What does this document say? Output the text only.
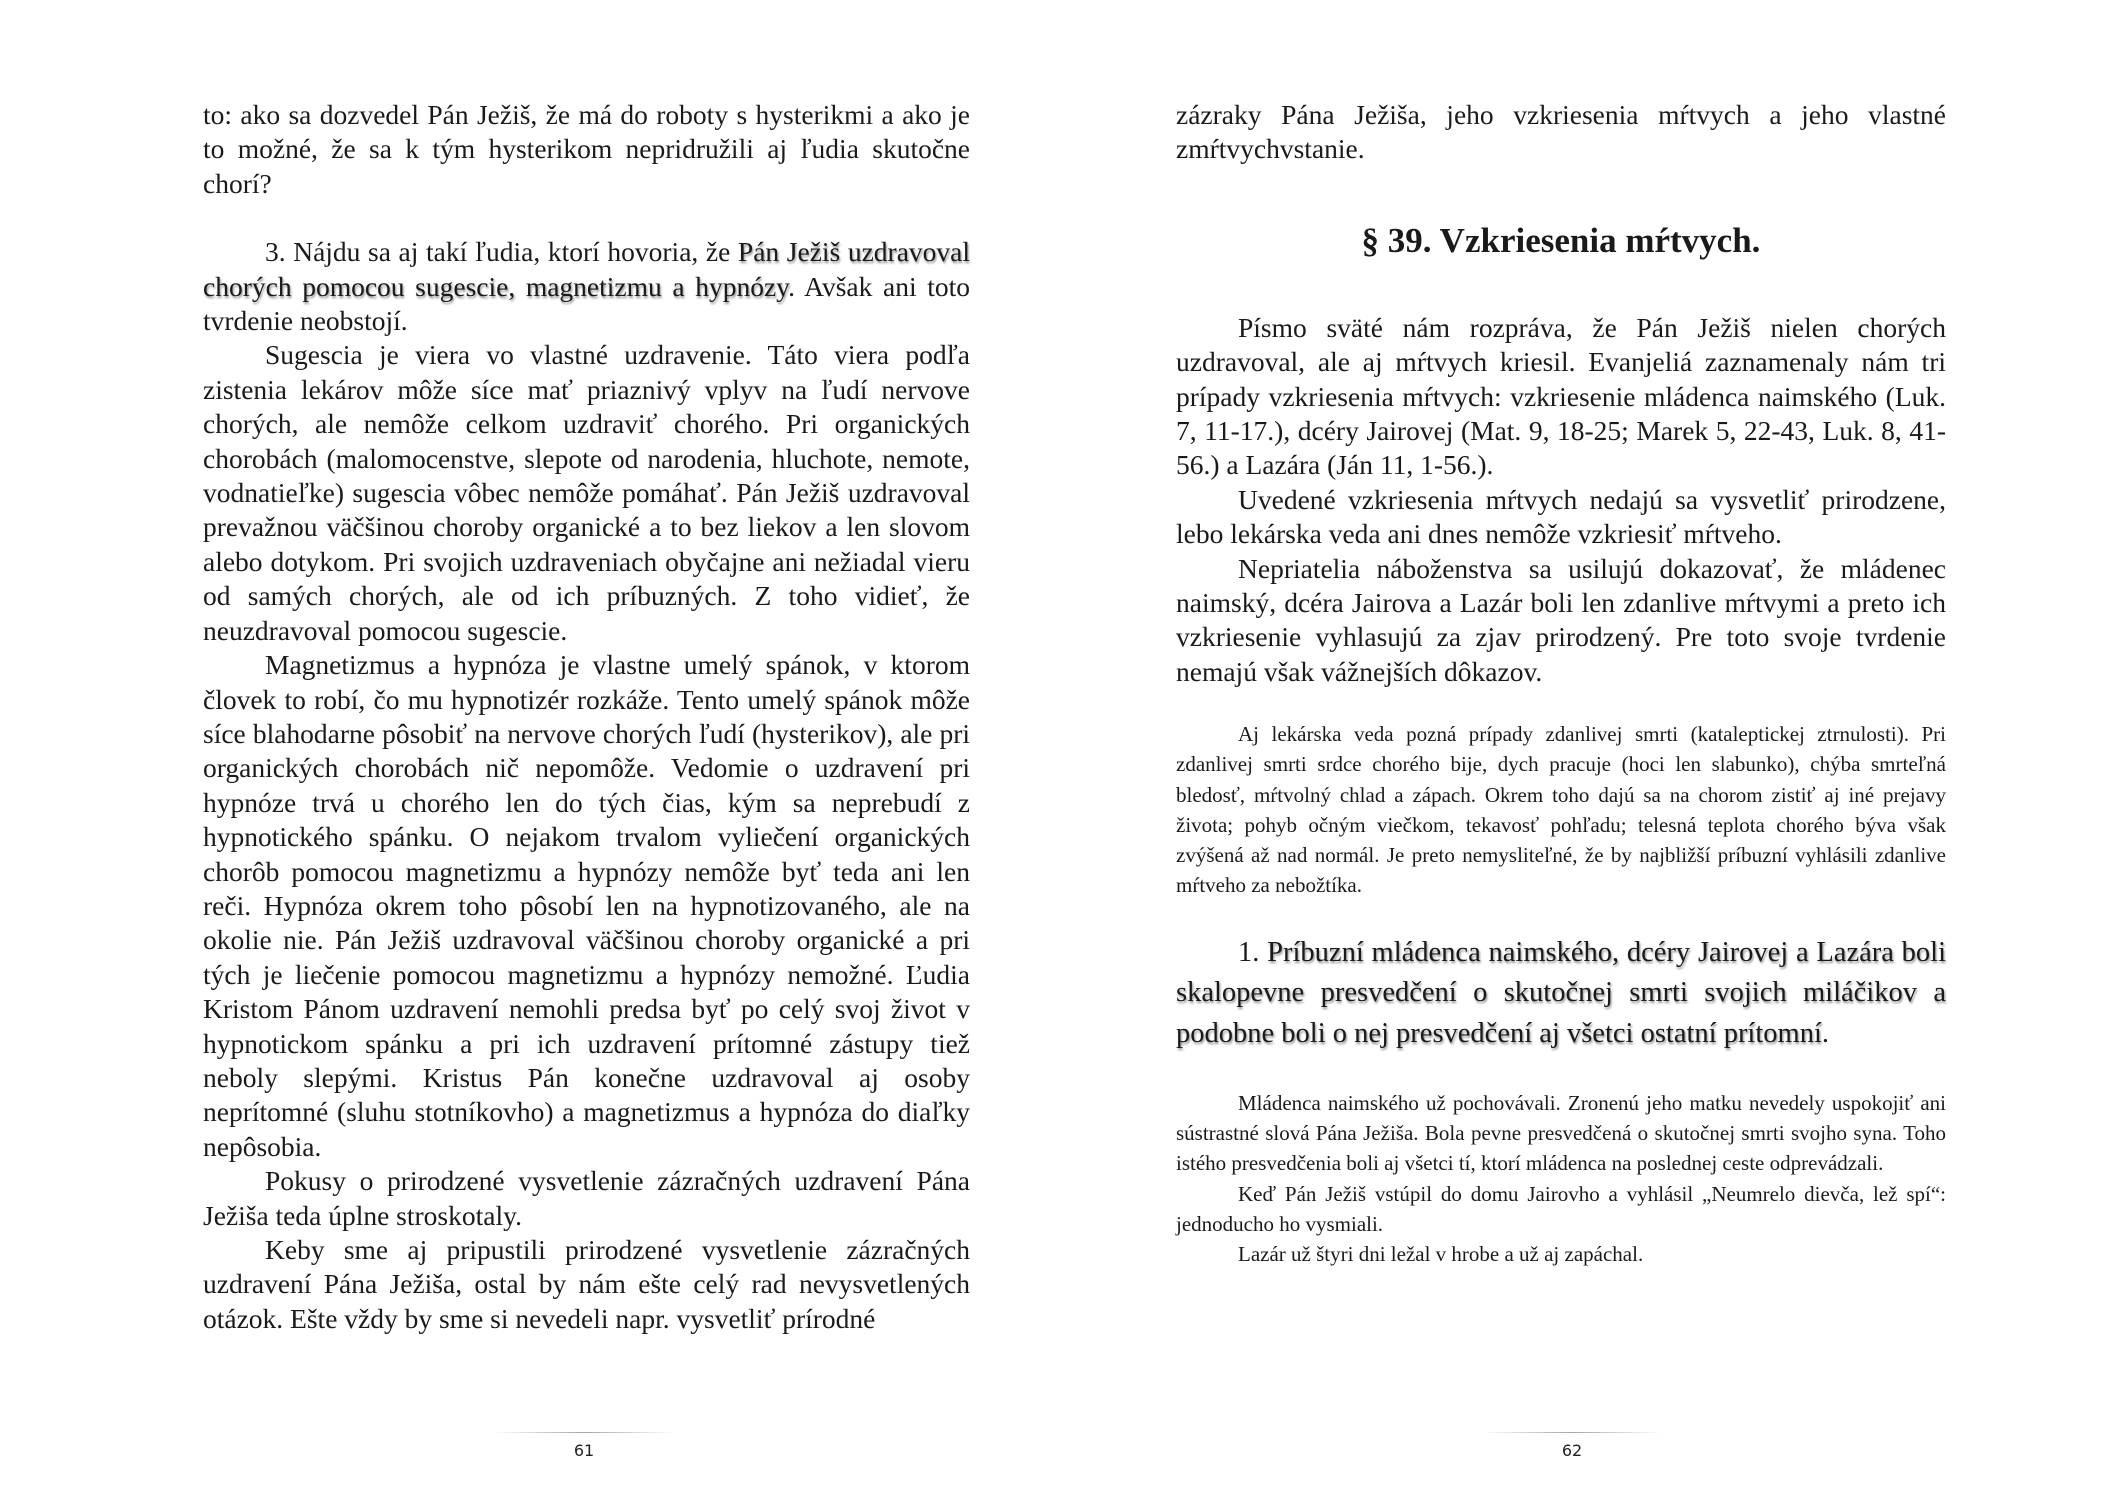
to: ako sa dozvedel Pán Ježiš, že má do roboty s hysterikmi a ako je to možné, že sa k tým hysterikom nepridružili aj ľudia skutočne chorí?

3. Nájdu sa aj takí ľudia, ktorí hovoria, že Pán Ježiš uzdravoval chorých pomocou sugescie, magnetizmu a hypnózy. Avšak ani toto tvrdenie neobstojí.

Sugescia je viera vo vlastné uzdravenie. Táto viera podľa zistenia lekárov môže síce mať priaznivý vplyv na ľudí nervove chorých, ale nemôže celkom uzdraviť chorého. Pri organických chorobách (malomocenstve, slepote od narodenia, hluchote, nemote, vodnatieľke) sugescia vôbec nemôže pomáhať. Pán Ježiš uzdravoval prevažnou väčšinou choroby organické a to bez liekov a len slovom alebo dotykom. Pri svojich uzdraveniach obyčajne ani nežiadal vieru od samých chorých, ale od ich príbuzných. Z toho vidieť, že neuzdravoval pomocou sugescie.

Magnetizmus a hypnóza je vlastne umelý spánok, v ktorom človek to robí, čo mu hypnotizér rozkáže. Tento umelý spánok môže síce blahodarne pôsobiť na nervove chorých ľudí (hysterikov), ale pri organických chorobách nič nepomôže. Vedomie o uzdravení pri hypnóze trvá u chorého len do tých čias, kým sa neprebudí z hypnotického spánku. O nejakom trvalom vyliečení organických chorôb pomocou magnetizmu a hypnózy nemôže byť teda ani len reči. Hypnóza okrem toho pôsobí len na hypnotizovaného, ale na okolie nie. Pán Ježiš uzdravoval väčšinou choroby organické a pri tých je liečenie pomocou magnetizmu a hypnózy nemožné. Ľudia Kristom Pánom uzdravení nemohli predsa byť po celý svoj život v hypnotickom spánku a pri ich uzdravení prítomné zástupy tiež neboly slepými. Kristus Pán konečne uzdravoval aj osoby neprítomné (sluhu stotníkovho) a magnetizmus a hypnóza do diaľky nepôsobia.

Pokusy o prirodzené vysvetlenie zázračných uzdravení Pána Ježiša teda úplne stroskotaly.

Keby sme aj pripustili prirodzené vysvetlenie zázračných uzdravení Pána Ježiša, ostal by nám ešte celý rad nevysvetlených otázok. Ešte vždy by sme si nevedeli napr. vysvetliť prírodné

61

zázraky Pána Ježiša, jeho vzkriesenia mŕtvych a jeho vlastné zmŕtvychvstanie.

§ 39. Vzkriesenia mŕtvych.

Písmo sväté nám rozpráva, že Pán Ježiš nielen chorých uzdravoval, ale aj mŕtvych kriesil. Evanjeliá zaznamenaly nám tri prípady vzkriesenia mŕtvych: vzkriesenie mládenca naimského (Luk. 7, 11-17.), dcéry Jairovej (Mat. 9, 18-25; Marek 5, 22-43, Luk. 8, 41-56.) a Lazára (Ján 11, 1-56.).

Uvedené vzkriesenia mŕtvych nedajú sa vysvetliť prirodzene, lebo lekárska veda ani dnes nemôže vzkriesiť mŕtveho.

Nepriatelia náboženstva sa usilujú dokazovať, že mládenec naimský, dcéra Jairova a Lazár boli len zdanlive mŕtvymi a preto ich vzkriesenie vyhlasujú za zjav prirodzený. Pre toto svoje tvrdenie nemajú však vážnejších dôkazov.

Aj lekárska veda pozná prípady zdanlivej smrti (kataleptickej ztrnulosti). Pri zdanlivej smrti srdce chorého bije, dych pracuje (hoci len slabunko), chýba smrteľná bledosť, mŕtvolný chlad a zápach. Okrem toho dajú sa na chorom zistiť aj iné prejavy života; pohyb očným viečkom, tekavosť pohľadu; telesná teplota chorého býva však zvýšená až nad normál. Je preto nemysliteľné, že by najbližší príbuzní vyhlásili zdanlive mŕtveho za nebožtíka.

1. Príbuzní mládenca naimského, dcéry Jairovej a Lazára boli skalopevne presvedčení o skutočnej smrti svojich miláčikov a podobne boli o nej presvedčení aj všetci ostatní prítomní.

Mládenca naimského už pochovávali. Zronenú jeho matku nevedely uspokojiť ani sústrastné slová Pána Ježiša. Bola pevne presvedčená o skutočnej smrti svojho syna. Toho istého presvedčenia boli aj všetci tí, ktorí mládenca na poslednej ceste odprevádzali.

Keď Pán Ježiš vstúpil do domu Jairovho a vyhlásil „Neumrelo dievča, lež spí“: jednoducho ho vysmiali.

Lazár už štyri dni ležal v hrobe a už aj zapáchal.

62
